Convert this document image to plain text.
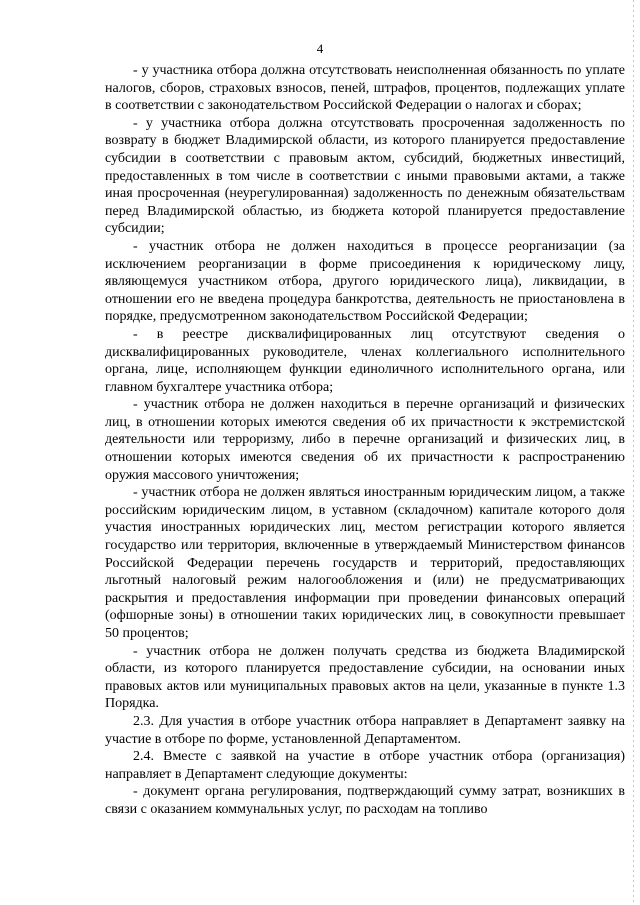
4

- у участника отбора должна отсутствовать неисполненная обязанность по уплате налогов, сборов, страховых взносов, пеней, штрафов, процентов, подлежащих уплате в соответствии с законодательством Российской Федерации о налогах и сборах;

- у участника отбора должна отсутствовать просроченная задолженность по возврату в бюджет Владимирской области, из которого планируется предоставление субсидии в соответствии с правовым актом, субсидий, бюджетных инвестиций, предоставленных в том числе в соответствии с иными правовыми актами, а также иная просроченная (неурегулированная) задолженность по денежным обязательствам перед Владимирской областью, из бюджета которой планируется предоставление субсидии;

- участник отбора не должен находиться в процессе реорганизации (за исключением реорганизации в форме присоединения к юридическому лицу, являющемуся участником отбора, другого юридического лица), ликвидации, в отношении его не введена процедура банкротства, деятельность не приостановлена в порядке, предусмотренном законодательством Российской Федерации;

- в реестре дисквалифицированных лиц отсутствуют сведения о дисквалифицированных руководителе, членах коллегиального исполнительного органа, лице, исполняющем функции единоличного исполнительного органа, или главном бухгалтере участника отбора;

- участник отбора не должен находиться в перечне организаций и физических лиц, в отношении которых имеются сведения об их причастности к экстремистской деятельности или терроризму, либо в перечне организаций и физических лиц, в отношении которых имеются сведения об их причастности к распространению оружия массового уничтожения;

- участник отбора не должен являться иностранным юридическим лицом, а также российским юридическим лицом, в уставном (складочном) капитале которого доля участия иностранных юридических лиц, местом регистрации которого является государство или территория, включенные в утверждаемый Министерством финансов Российской Федерации перечень государств и территорий, предоставляющих льготный налоговый режим налогообложения и (или) не предусматривающих раскрытия и предоставления информации при проведении финансовых операций (офшорные зоны) в отношении таких юридических лиц, в совокупности превышает 50 процентов;

- участник отбора не должен получать средства из бюджета Владимирской области, из которого планируется предоставление субсидии, на основании иных правовых актов или муниципальных правовых актов на цели, указанные в пункте 1.3 Порядка.

2.3. Для участия в отборе участник отбора направляет в Департамент заявку на участие в отборе по форме, установленной Департаментом.

2.4. Вместе с заявкой на участие в отборе участник отбора (организация) направляет в Департамент следующие документы:

- документ органа регулирования, подтверждающий сумму затрат, возникших в связи с оказанием коммунальных услуг, по расходам на топливо
